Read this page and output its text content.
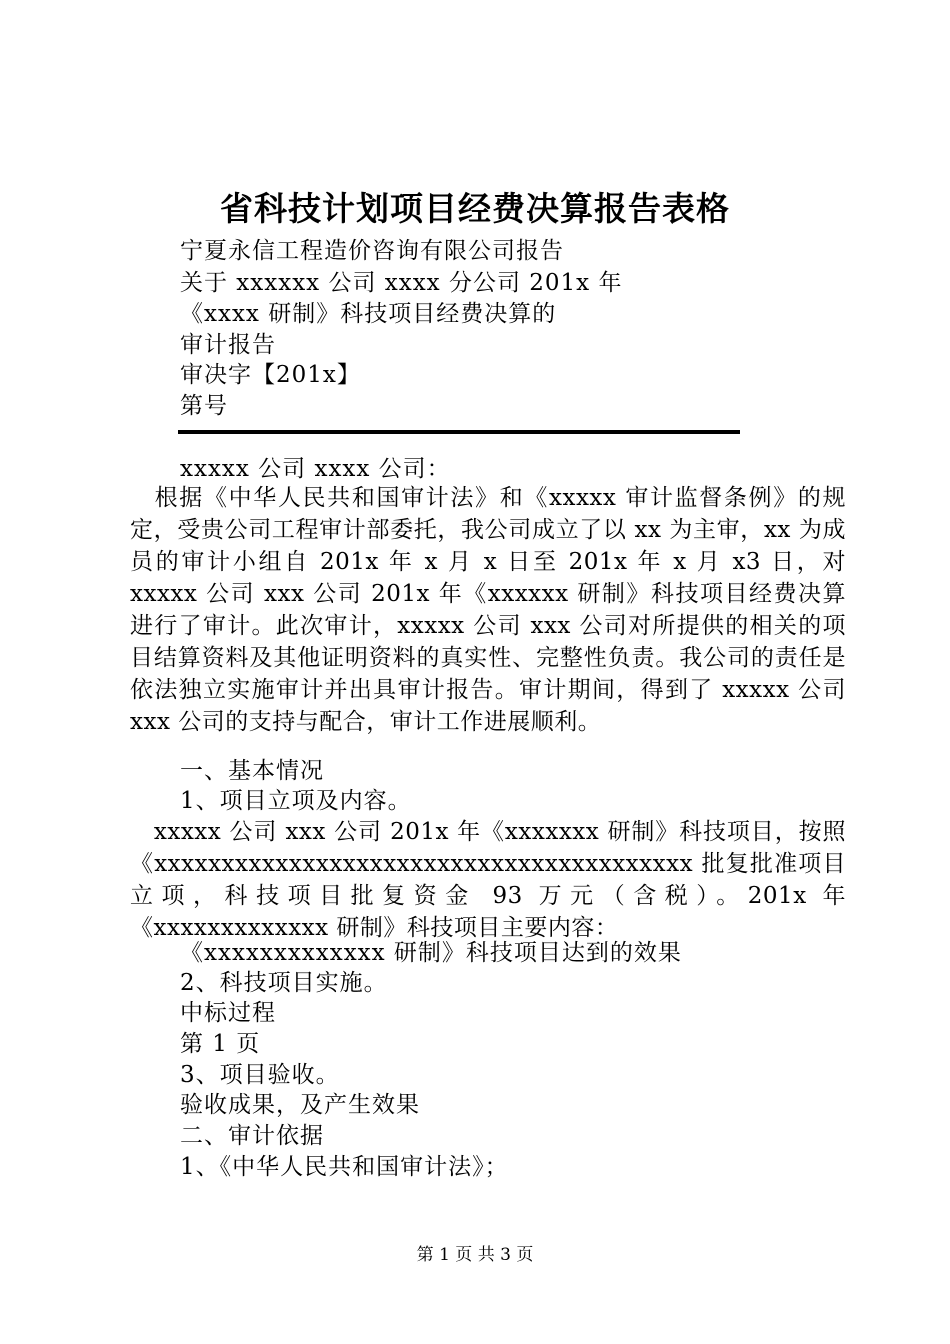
省科技计划项目经费决算报告表格
宁夏永信工程造价咨询有限公司报告
关于 xxxxxx 公司 xxxx 分公司 201x 年
《xxxx 研制》科技项目经费决算的
审计报告
审决字【201x】
第号
xxxxx 公司 xxxx 公司：
　根据《中华人民共和国审计法》和《xxxxx 审计监督条例》的规定，受贵公司工程审计部委托，我公司成立了以 xx 为主审，xx 为成员的审计小组自 201x 年 x 月 x 日至 201x 年 x 月 x3 日，对 xxxxx 公司 xxx 公司 201x 年《xxxxxx 研制》科技项目经费决算进行了审计。此次审计，xxxxx 公司 xxx 公司对所提供的相关的项目结算资料及其他证明资料的真实性、完整性负责。我公司的责任是依法独立实施审计并出具审计报告。审计期间，得到了 xxxxx 公司 xxx 公司的支持与配合，审计工作进展顺利。
一、基本情况
1、项目立项及内容。
　xxxxx 公司 xxx 公司 201x 年《xxxxxxx 研制》科技项目，按照《xxxxxxxxxxxxxxxxxxxxxxxxxxxxxxxxxxxxxxxx 批复批准项目立项，科技项目批复资金 93 万元（含税）。201x 年《xxxxxxxxxxxxx 研制》科技项目主要内容：
《xxxxxxxxxxxxx 研制》科技项目达到的效果
2、科技项目实施。
中标过程
第 1 页
3、项目验收。
验收成果，及产生效果
二、审计依据
1、《中华人民共和国审计法》；
第 1 页 共 3 页
